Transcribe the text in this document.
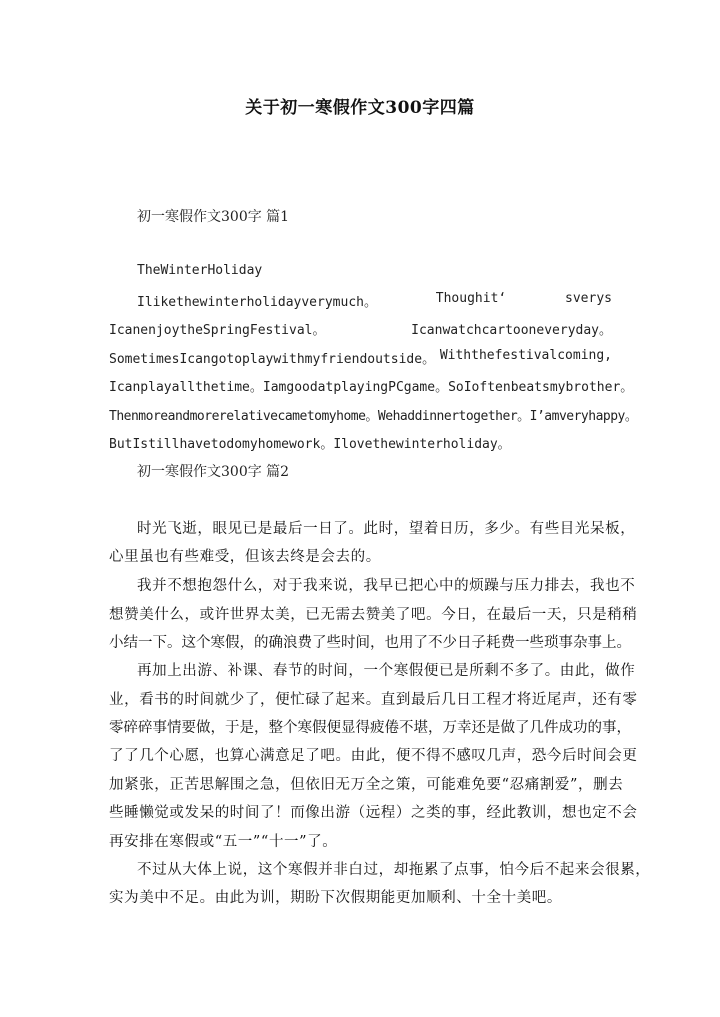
关于初一寒假作文300字四篇
初一寒假作文300字 篇1
TheWinterHoliday
Ilikethewinterholidayverymuch。	Thoughit‘	sverys
IcanenjoytheSpringFestival。	Icanwatchcartooneveryday。
SometimesIcangotoplaywithmyfriendoutside。 Withthefestivalcoming,
Icanplayallthetime。 IamgoodatplayingPCgame。 SoIoftenbeatsmybrother。
Thenmoreandmorerelativecametomyhome。Wehaddinnertogether。I’amveryhappy。
ButIstillhavetodomyhomework。Ilovethewinterholiday。
初一寒假作文300字 篇2
时光飞逝，眼见已是最后一日了。此时，望着日历，多少。有些目光呆板，
心里虽也有些难受，但该去终是会去的。
我并不想抱怨什么，对于我来说，我早已把心中的烦躁与压力排去，我也不
想赞美什么，或许世界太美，已无需去赞美了吧。今日，在最后一天，只是稍稍
小结一下。这个寒假，的确浪费了些时间，也用了不少日子耗费一些琐事杂事上。
再加上出游、补课、春节的时间，一个寒假便已是所剩不多了。由此，做作
业，看书的时间就少了，便忙碌了起来。直到最后几日工程才将近尾声，还有零
零碎碎事情要做，于是，整个寒假便显得疲倦不堪，万幸还是做了几件成功的事，
了了几个心愿，也算心满意足了吧。由此，便不得不感叹几声，恐今后时间会更
加紧张，正苦思解围之急，但依旧无万全之策，可能难免要“忍痛割爱”，删去
些睡懒觉或发呆的时间了！而像出游（远程）之类的事，经此教训，想也定不会
再安排在寒假或“五一”“十一”了。
不过从大体上说，这个寒假并非白过，却拖累了点事，怕今后不起来会很累，
实为美中不足。由此为训，期盼下次假期能更加顺利、十全十美吧。
